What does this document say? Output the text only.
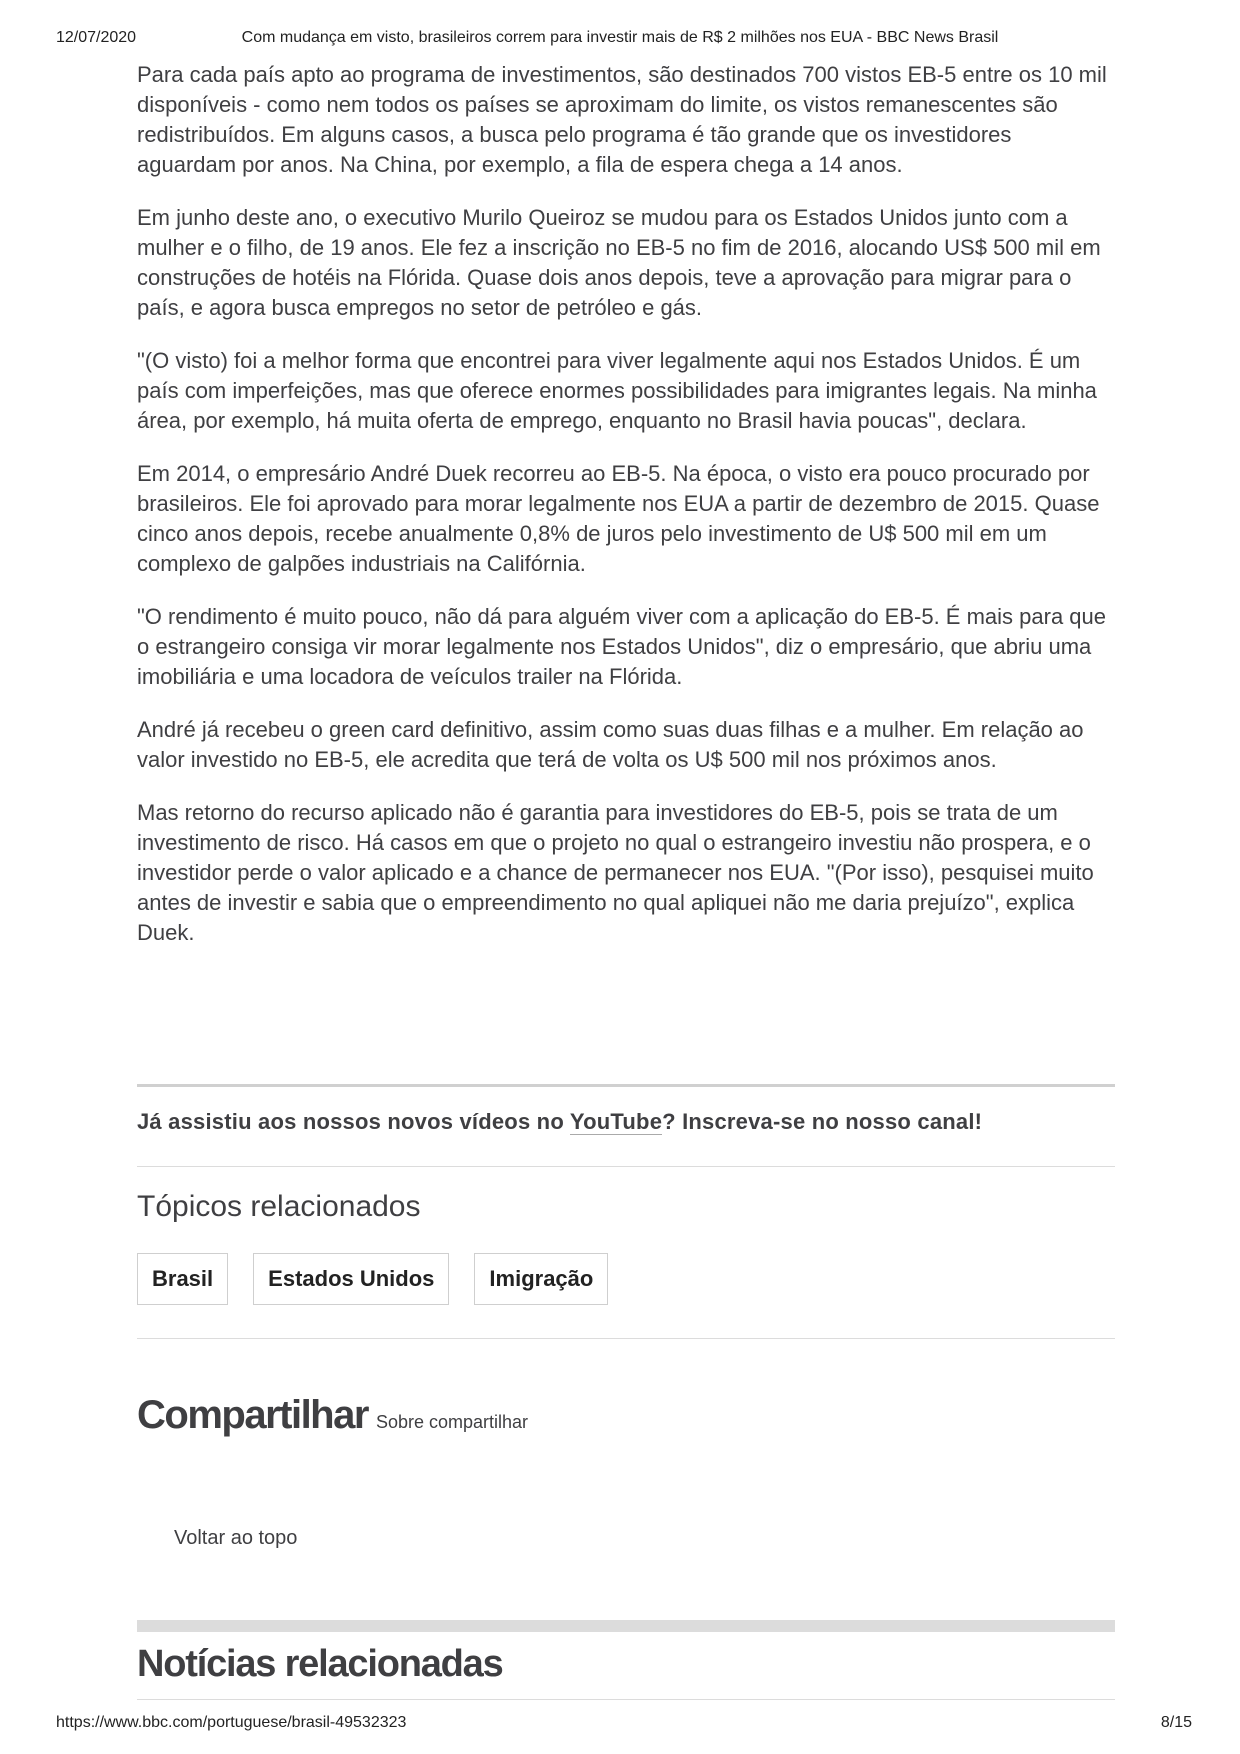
12/07/2020	Com mudança em visto, brasileiros correm para investir mais de R$ 2 milhões nos EUA - BBC News Brasil

Para cada país apto ao programa de investimentos, são destinados 700 vistos EB-5 entre os 10 mil disponíveis - como nem todos os países se aproximam do limite, os vistos remanescentes são redistribuídos. Em alguns casos, a busca pelo programa é tão grande que os investidores aguardam por anos. Na China, por exemplo, a fila de espera chega a 14 anos.

Em junho deste ano, o executivo Murilo Queiroz se mudou para os Estados Unidos junto com a mulher e o filho, de 19 anos. Ele fez a inscrição no EB-5 no fim de 2016, alocando US$ 500 mil em construções de hotéis na Flórida. Quase dois anos depois, teve a aprovação para migrar para o país, e agora busca empregos no setor de petróleo e gás.

"(O visto) foi a melhor forma que encontrei para viver legalmente aqui nos Estados Unidos. É um país com imperfeições, mas que oferece enormes possibilidades para imigrantes legais. Na minha área, por exemplo, há muita oferta de emprego, enquanto no Brasil havia poucas", declara.

Em 2014, o empresário André Duek recorreu ao EB-5. Na época, o visto era pouco procurado por brasileiros. Ele foi aprovado para morar legalmente nos EUA a partir de dezembro de 2015. Quase cinco anos depois, recebe anualmente 0,8% de juros pelo investimento de U$ 500 mil em um complexo de galpões industriais na Califórnia.

"O rendimento é muito pouco, não dá para alguém viver com a aplicação do EB-5. É mais para que o estrangeiro consiga vir morar legalmente nos Estados Unidos", diz o empresário, que abriu uma imobiliária e uma locadora de veículos trailer na Flórida.

André já recebeu o green card definitivo, assim como suas duas filhas e a mulher. Em relação ao valor investido no EB-5, ele acredita que terá de volta os U$ 500 mil nos próximos anos.

Mas retorno do recurso aplicado não é garantia para investidores do EB-5, pois se trata de um investimento de risco. Há casos em que o projeto no qual o estrangeiro investiu não prospera, e o investidor perde o valor aplicado e a chance de permanecer nos EUA. "(Por isso), pesquisei muito antes de investir e sabia que o empreendimento no qual apliquei não me daria prejuízo", explica Duek.

Já assistiu aos nossos novos vídeos no YouTube? Inscreva-se no nosso canal!
Tópicos relacionados
Brasil	Estados Unidos	Imigração
Compartilhar Sobre compartilhar
Voltar ao topo
Notícias relacionadas
https://www.bbc.com/portuguese/brasil-49532323	8/15
